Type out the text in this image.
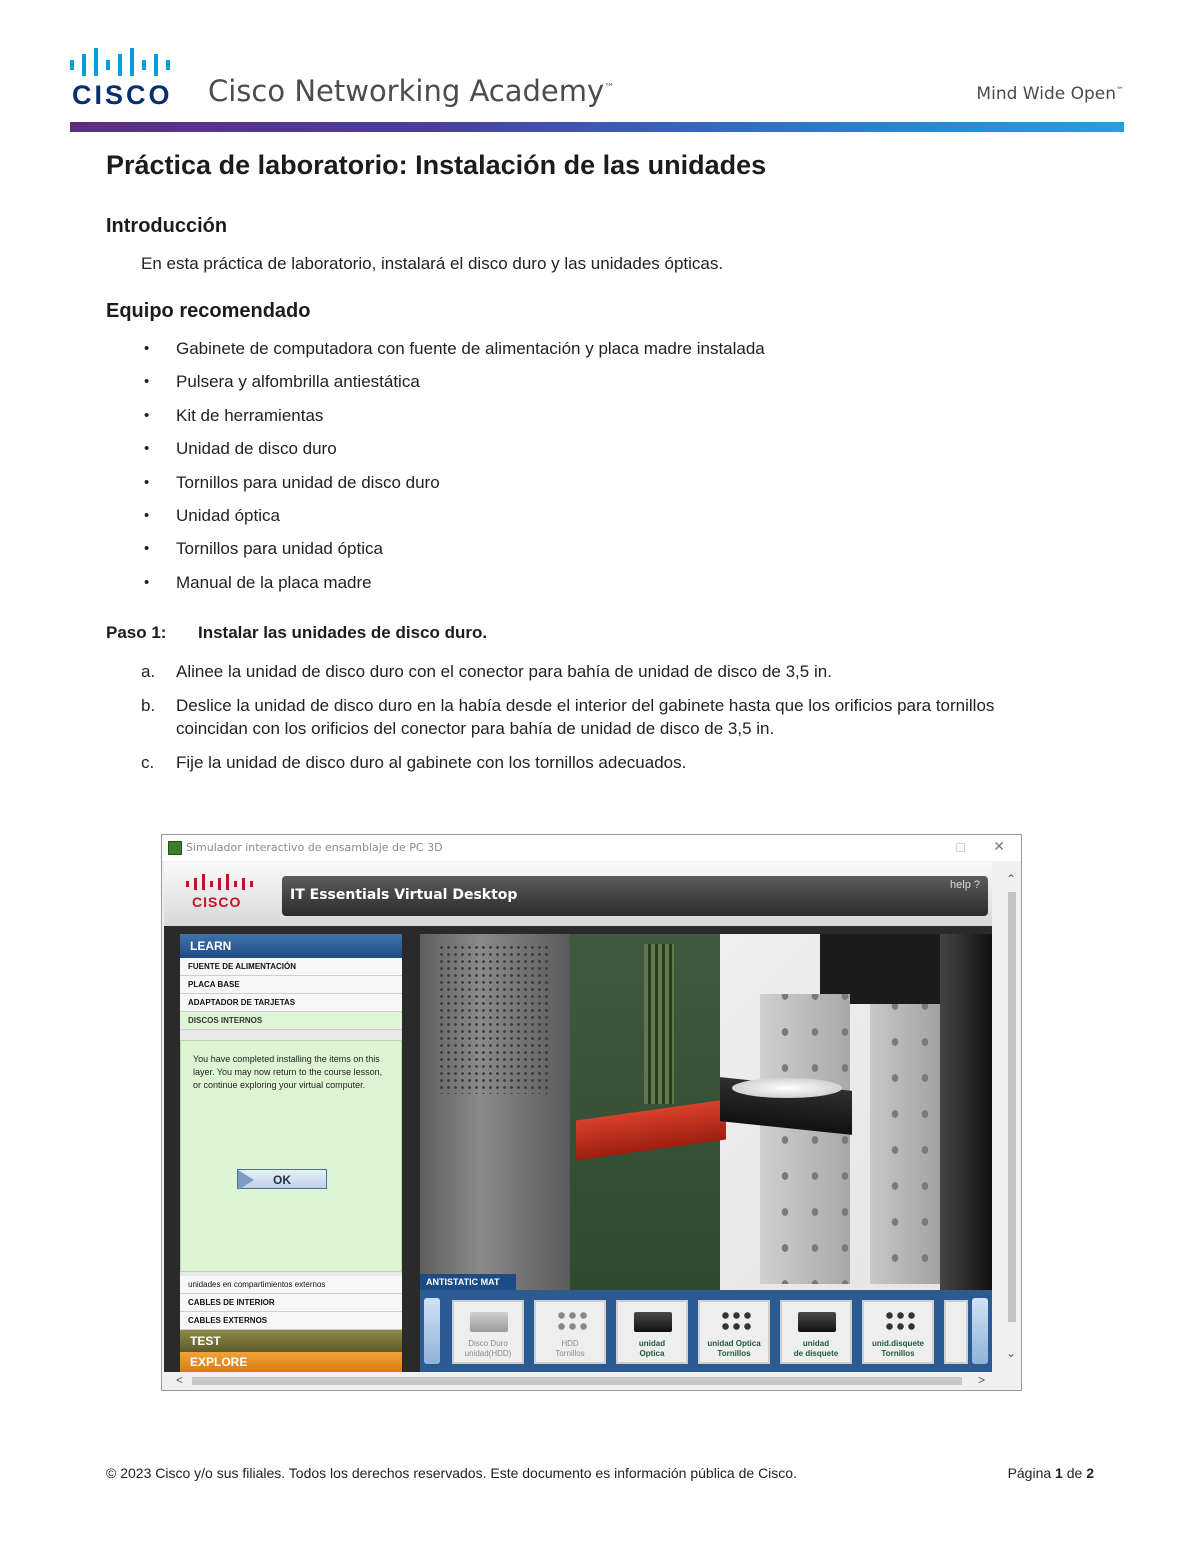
CISCO Cisco Networking Academy™	Mind Wide Open™
Práctica de laboratorio: Instalación de las unidades
Introducción

En esta práctica de laboratorio, instalará el disco duro y las unidades ópticas.

Equipo recomendado
• Gabinete de computadora con fuente de alimentación y placa madre instalada
• Pulsera y alfombrilla antiestática
• Kit de herramientas
• Unidad de disco duro
• Tornillos para unidad de disco duro
• Unidad óptica
• Tornillos para unidad óptica
• Manual de la placa madre
Paso 1: Instalar las unidades de disco duro.
a. Alinee la unidad de disco duro con el conector para bahía de unidad de disco de 3,5 in.
b. Deslice la unidad de disco duro en la había desde el interior del gabinete hasta que los orificios para tornillos coincidan con los orificios del conector para bahía de unidad de disco de 3,5 in.
c. Fije la unidad de disco duro al gabinete con los tornillos adecuados.
Simulador interactivo de ensamblaje de PC 3D	□ ✕
CISCO	IT Essentials Virtual Desktop
help ?
LEARN
FUENTE DE ALIMENTACIÓN
PLACA BASE
ADAPTADOR DE TARJETAS
DISCOS INTERNOS
You have completed installing the items on this layer. You may now return to the course lesson, or continue exploring your virtual computer.
OK
unidades en compartimientos externos
CABLES DE INTERIOR
CABLES EXTERNOS
TEST
EXPLORE
ANTISTATIC MAT
Disco Duro
unidad(HDD)
HDD
Tornillos
unidad
Optica
unidad Optica
Tornillos
unidad
de disquete
unid.disquete
Tornillos
⌃
⌄
<	>
© 2023 Cisco y/o sus filiales. Todos los derechos reservados. Este documento es información pública de Cisco.	Página 1 de 2
